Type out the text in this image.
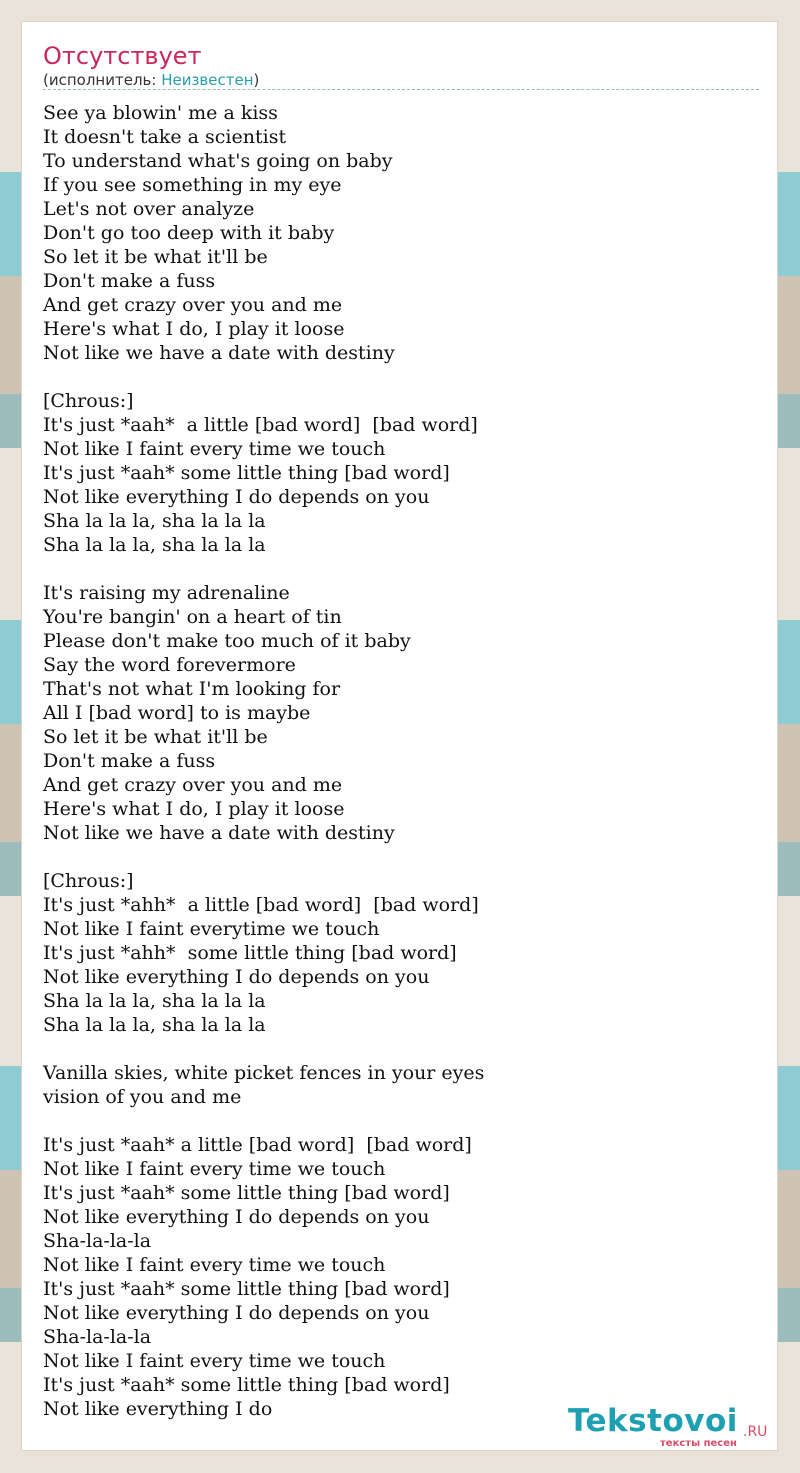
Отсутствует
(исполнитель: Неизвестен)
See ya blowin' me a kiss
It doesn't take a scientist
To understand what's going on baby
If you see something in my eye
Let's not over analyze
Don't go too deep with it baby
So let it be what it'll be
Don't make a fuss
And get crazy over you and me
Here's what I do, I play it loose
Not like we have a date with destiny
[Chrous:]
It's just *aah*  a little [bad word]  [bad word]
Not like I faint every time we touch
It's just *aah* some little thing [bad word]
Not like everything I do depends on you
Sha la la la, sha la la la
Sha la la la, sha la la la
It's raising my adrenaline
You're bangin' on a heart of tin
Please don't make too much of it baby
Say the word forevermore
That's not what I'm looking for
All I [bad word] to is maybe
So let it be what it'll be
Don't make a fuss
And get crazy over you and me
Here's what I do, I play it loose
Not like we have a date with destiny
[Chrous:]
It's just *ahh*  a little [bad word]  [bad word]
Not like I faint everytime we touch
It's just *ahh*  some little thing [bad word]
Not like everything I do depends on you
Sha la la la, sha la la la
Sha la la la, sha la la la
Vanilla skies, white picket fences in your eyes
vision of you and me
It's just *aah* a little [bad word]  [bad word]
Not like I faint every time we touch
It's just *aah* some little thing [bad word]
Not like everything I do depends on you
Sha-la-la-la
Not like I faint every time we touch
It's just *aah* some little thing [bad word]
Not like everything I do depends on you
Sha-la-la-la
Not like I faint every time we touch
It's just *aah* some little thing [bad word]
Not like everything I do	Tekstovoi .RU
тексты песен
